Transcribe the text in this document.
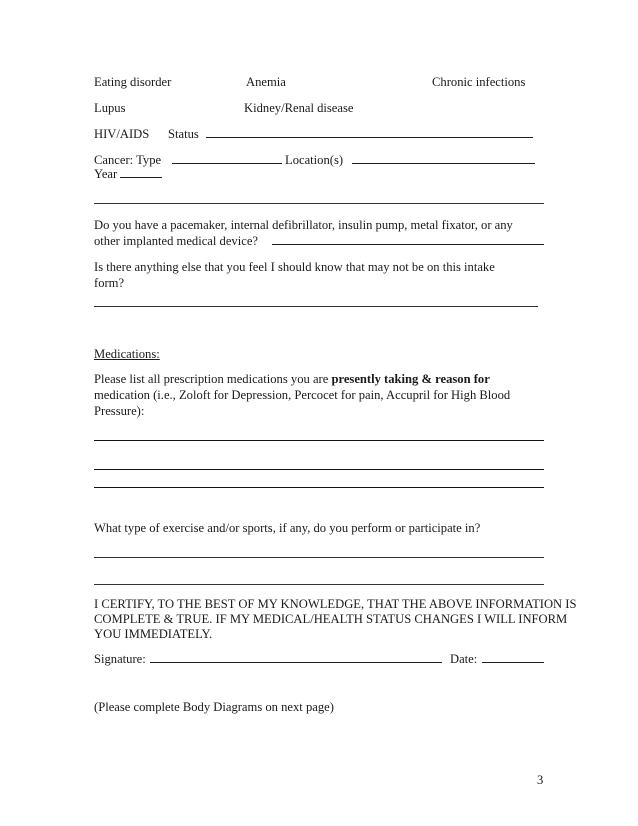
Eating disorder	Anemia	Chronic infections
Lupus	Kidney/Renal disease
HIV/AIDS Status
Cancer: Type	Location(s)
Year
Do you have a pacemaker, internal defibrillator, insulin pump, metal fixator, or any
other implanted medical device?
Is there anything else that you feel I should know that may not be on this intake
form?
Medications:
Please list all prescription medications you are presently taking & reason for
medication (i.e., Zoloft for Depression, Percocet for pain, Accupril for High Blood
Pressure):
What type of exercise and/or sports, if any, do you perform or participate in?
I CERTIFY, TO THE BEST OF MY KNOWLEDGE, THAT THE ABOVE INFORMATION IS
COMPLETE & TRUE. IF MY MEDICAL/HEALTH STATUS CHANGES I WILL INFORM
YOU IMMEDIATELY.
Signature:	Date:
(Please complete Body Diagrams on next page)
3
